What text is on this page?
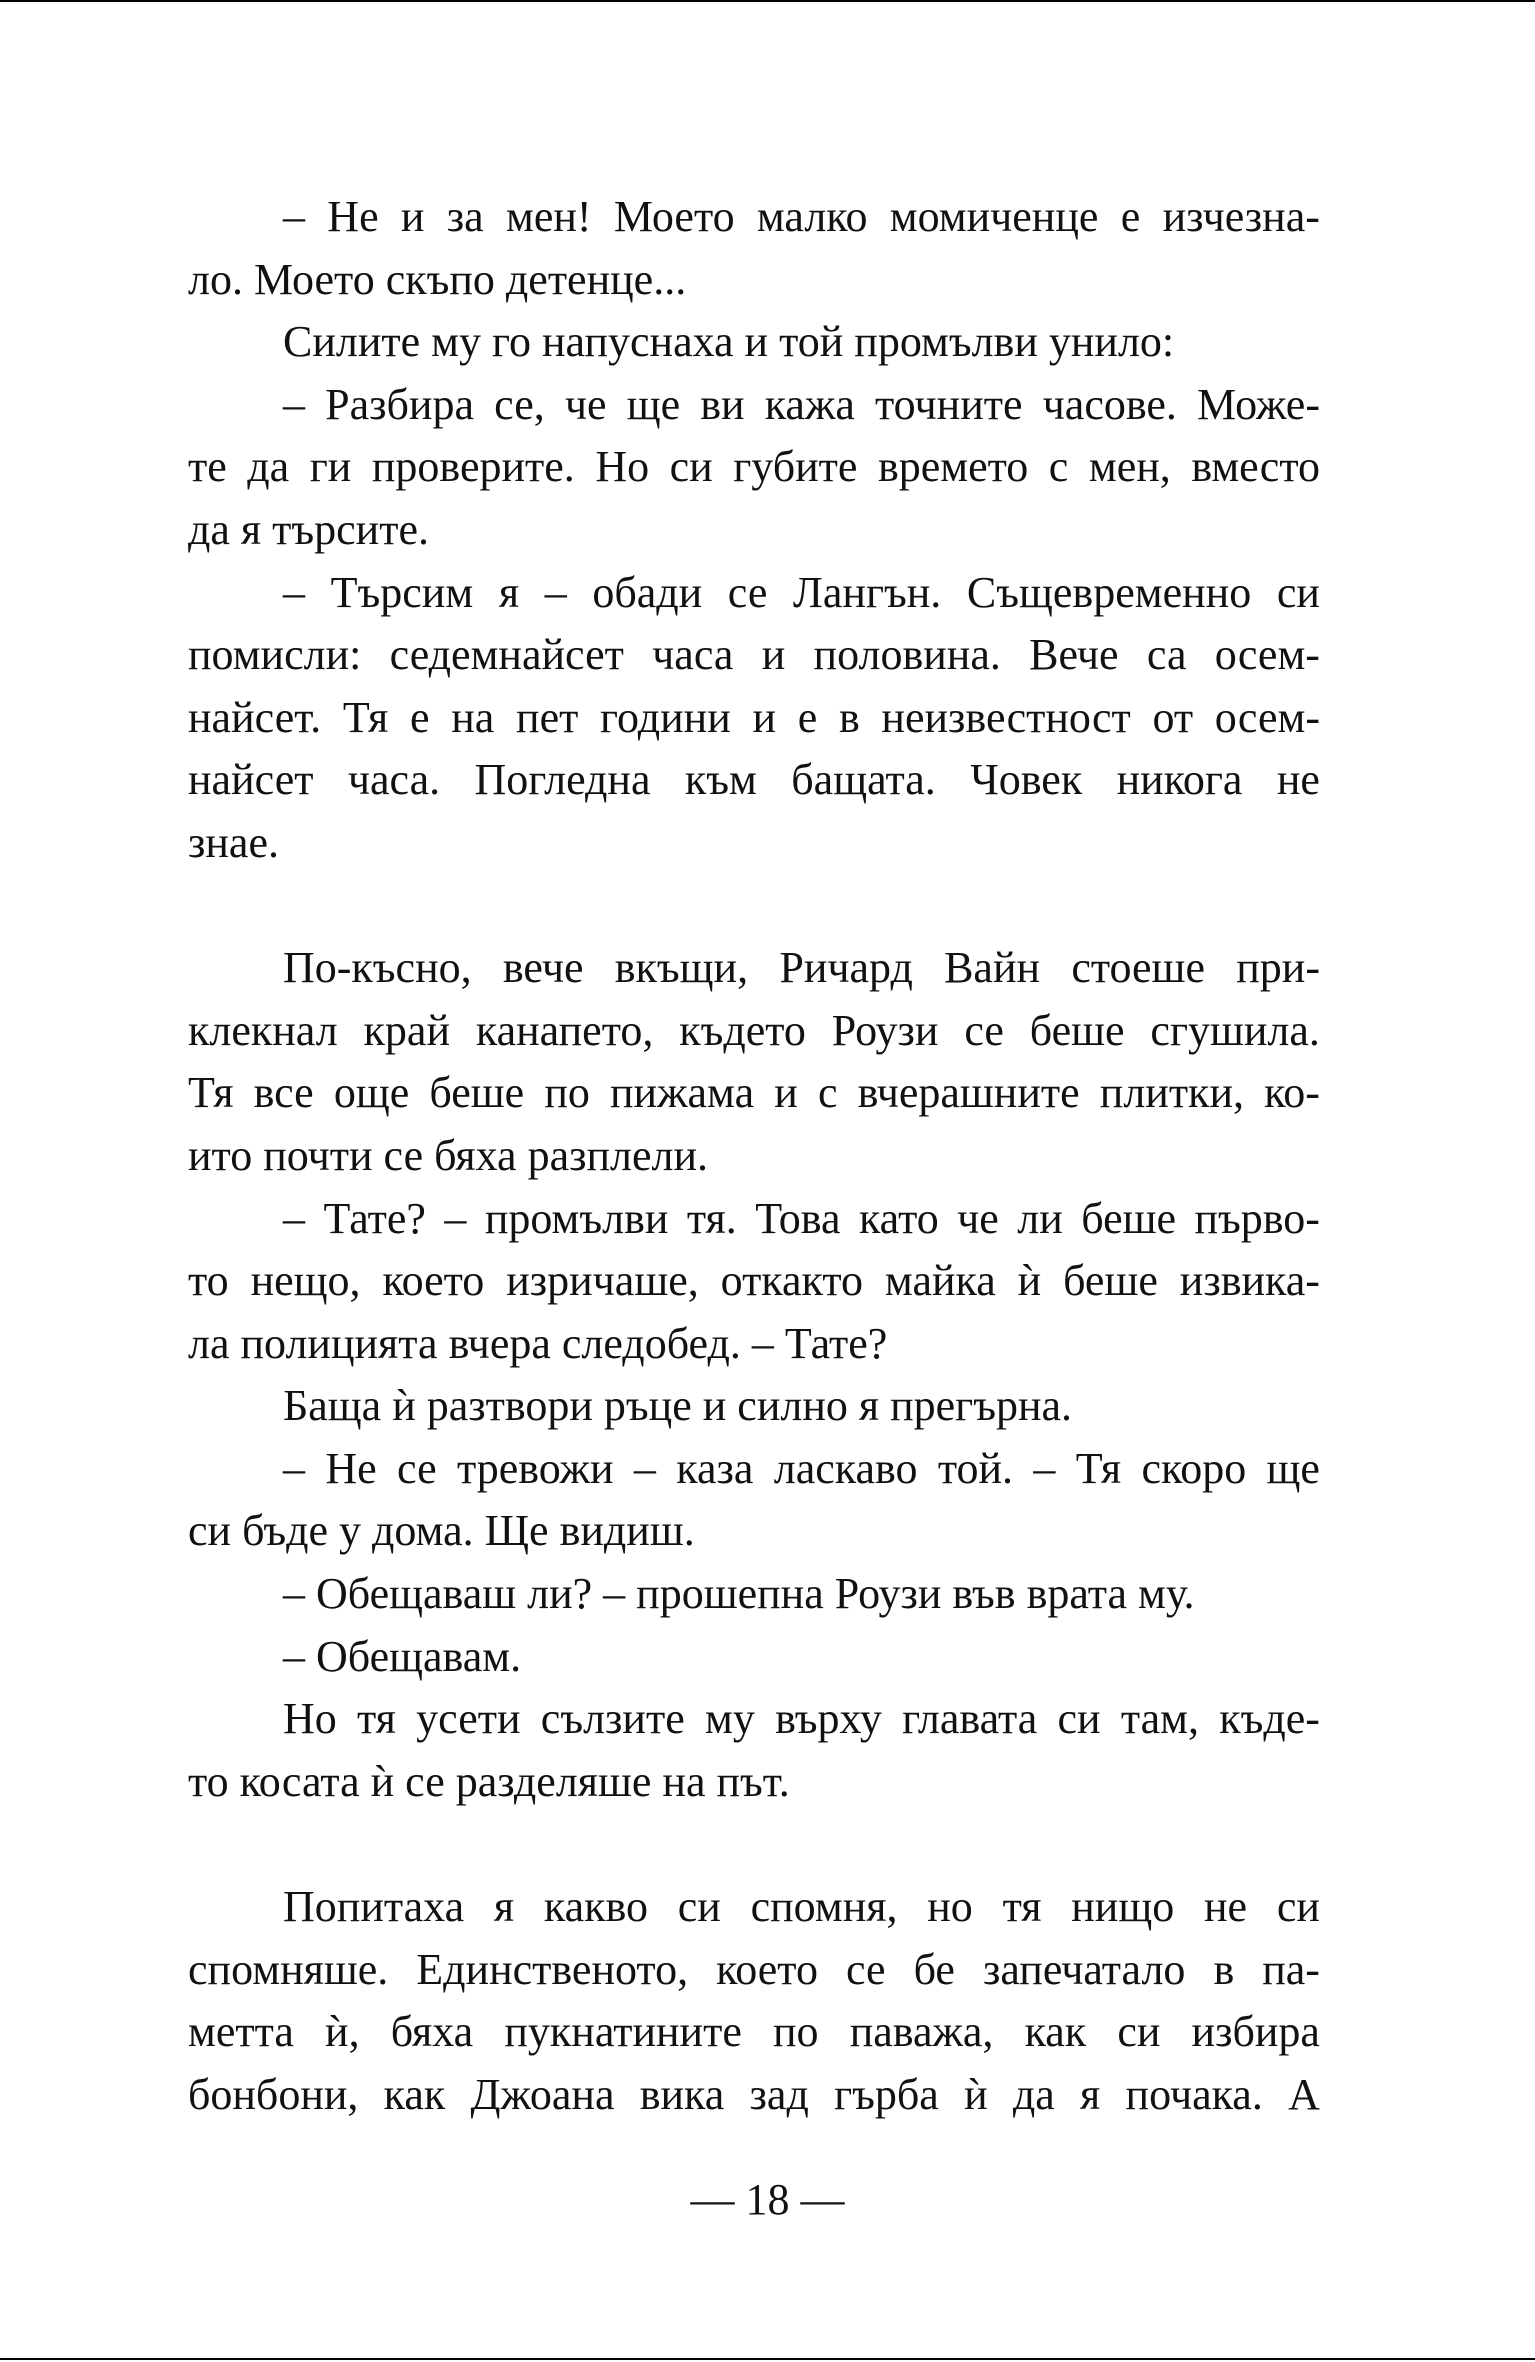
– Не и за мен! Моето малко момиченце е изчезна-
ло. Моето скъпо детенце...
Силите му го напуснаха и той промълви унило:
– Разбира се, че ще ви кажа точните часове. Може-
те да ги проверите. Но си губите времето с мен, вместо
да я търсите.
– Търсим я – обади се Лангън. Същевременно си
помисли: седемнайсет часа и половина. Вече са осем-
найсет. Тя е на пет години и е в неизвестност от осем-
найсет часа. Погледна към бащата. Човек никога не
знае.
По-късно, вече вкъщи, Ричард Вайн стоеше при-
клекнал край канапето, където Роузи се беше сгушила.
Тя все още беше по пижама и с вчерашните плитки, ко-
ито почти се бяха разплели.
– Тате? – промълви тя. Това като че ли беше първо-
то нещо, което изричаше, откакто майка ѝ беше извика-
ла полицията вчера следобед. – Тате?
Баща ѝ разтвори ръце и силно я прегърна.
– Не се тревожи – каза ласкаво той. – Тя скоро ще
си бъде у дома. Ще видиш.
– Обещаваш ли? – прошепна Роузи във врата му.
– Обещавам.
Но тя усети сълзите му върху главата си там, къде-
то косата ѝ се разделяше на път.
Попитаха я какво си спомня, но тя нищо не си
спомняше. Единственото, което се бе запечатало в па-
метта ѝ, бяха пукнатините по паважа, как си избира
бонбони, как Джоана вика зад гърба ѝ да я почака. А
— 18 —
